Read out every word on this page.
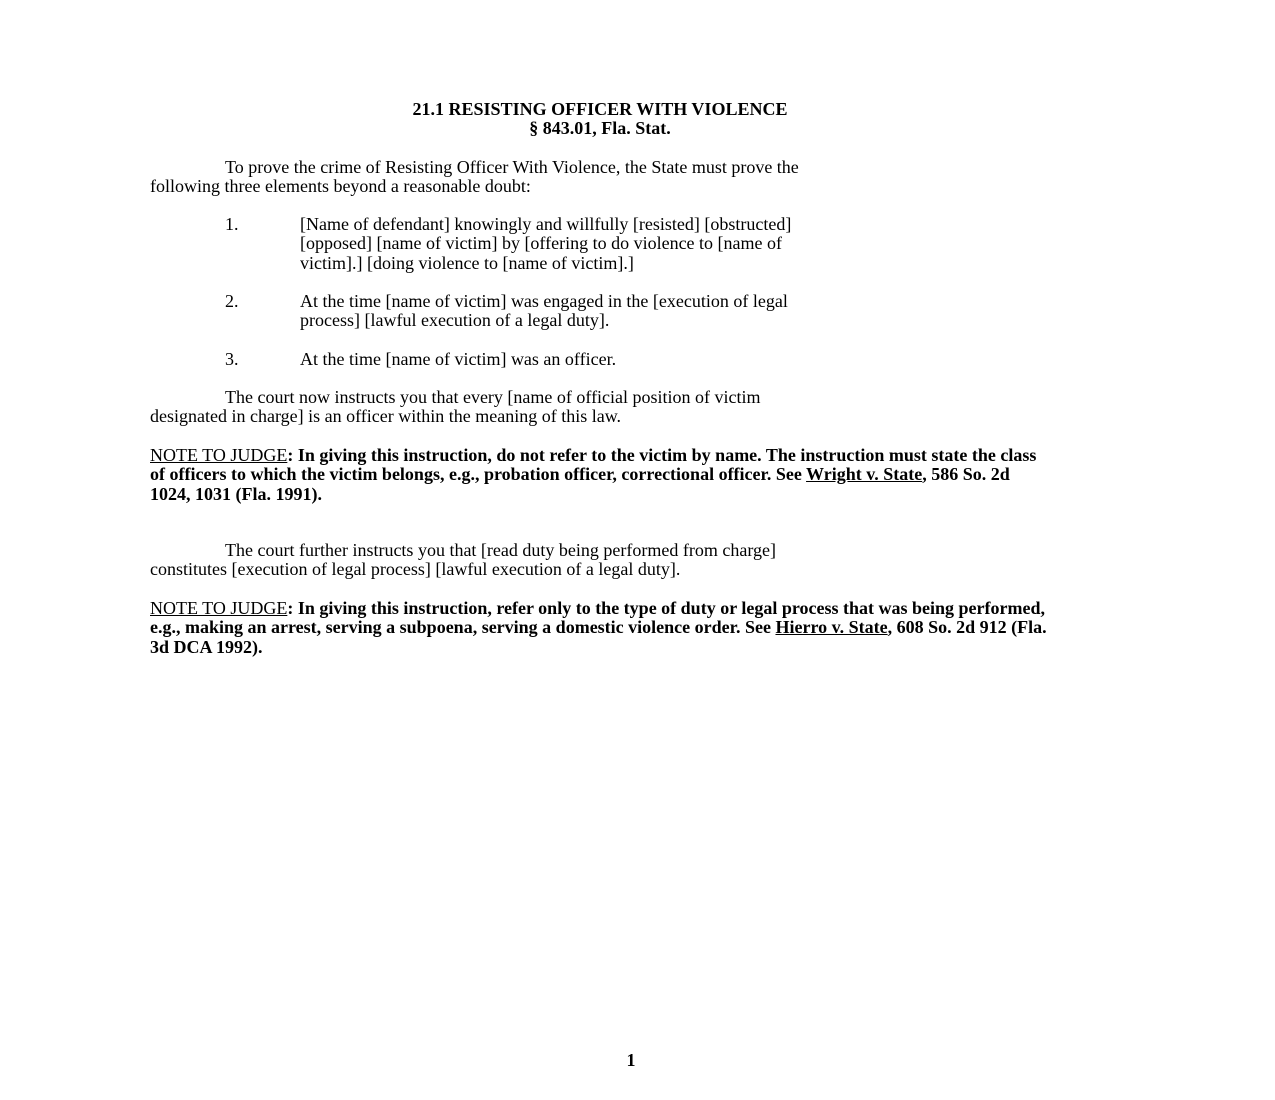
21.1 RESISTING OFFICER WITH VIOLENCE
§ 843.01, Fla. Stat.
To prove the crime of Resisting Officer With Violence, the State must prove the
following three elements beyond a reasonable doubt:
1.	[Name of defendant] knowingly and willfully [resisted] [obstructed]
[opposed] [name of victim] by [offering to do violence to [name of
victim].] [doing violence to [name of victim].]
2.	At the time [name of victim] was engaged in the [execution of legal
process] [lawful execution of a legal duty].
3.	At the time [name of victim] was an officer.
The court now instructs you that every [name of official position of victim
designated in charge] is an officer within the meaning of this law.
NOTE TO JUDGE: In giving this instruction, do not refer to the victim by name. The instruction must state the class of officers to which the victim belongs, e.g., probation officer, correctional officer. See Wright v. State, 586 So. 2d 1024, 1031 (Fla. 1991).
The court further instructs you that [read duty being performed from charge]
constitutes [execution of legal process] [lawful execution of a legal duty].
NOTE TO JUDGE: In giving this instruction, refer only to the type of duty or legal process that was being performed, e.g., making an arrest, serving a subpoena, serving a domestic violence order. See Hierro v. State, 608 So. 2d 912 (Fla. 3d DCA 1992).
1
